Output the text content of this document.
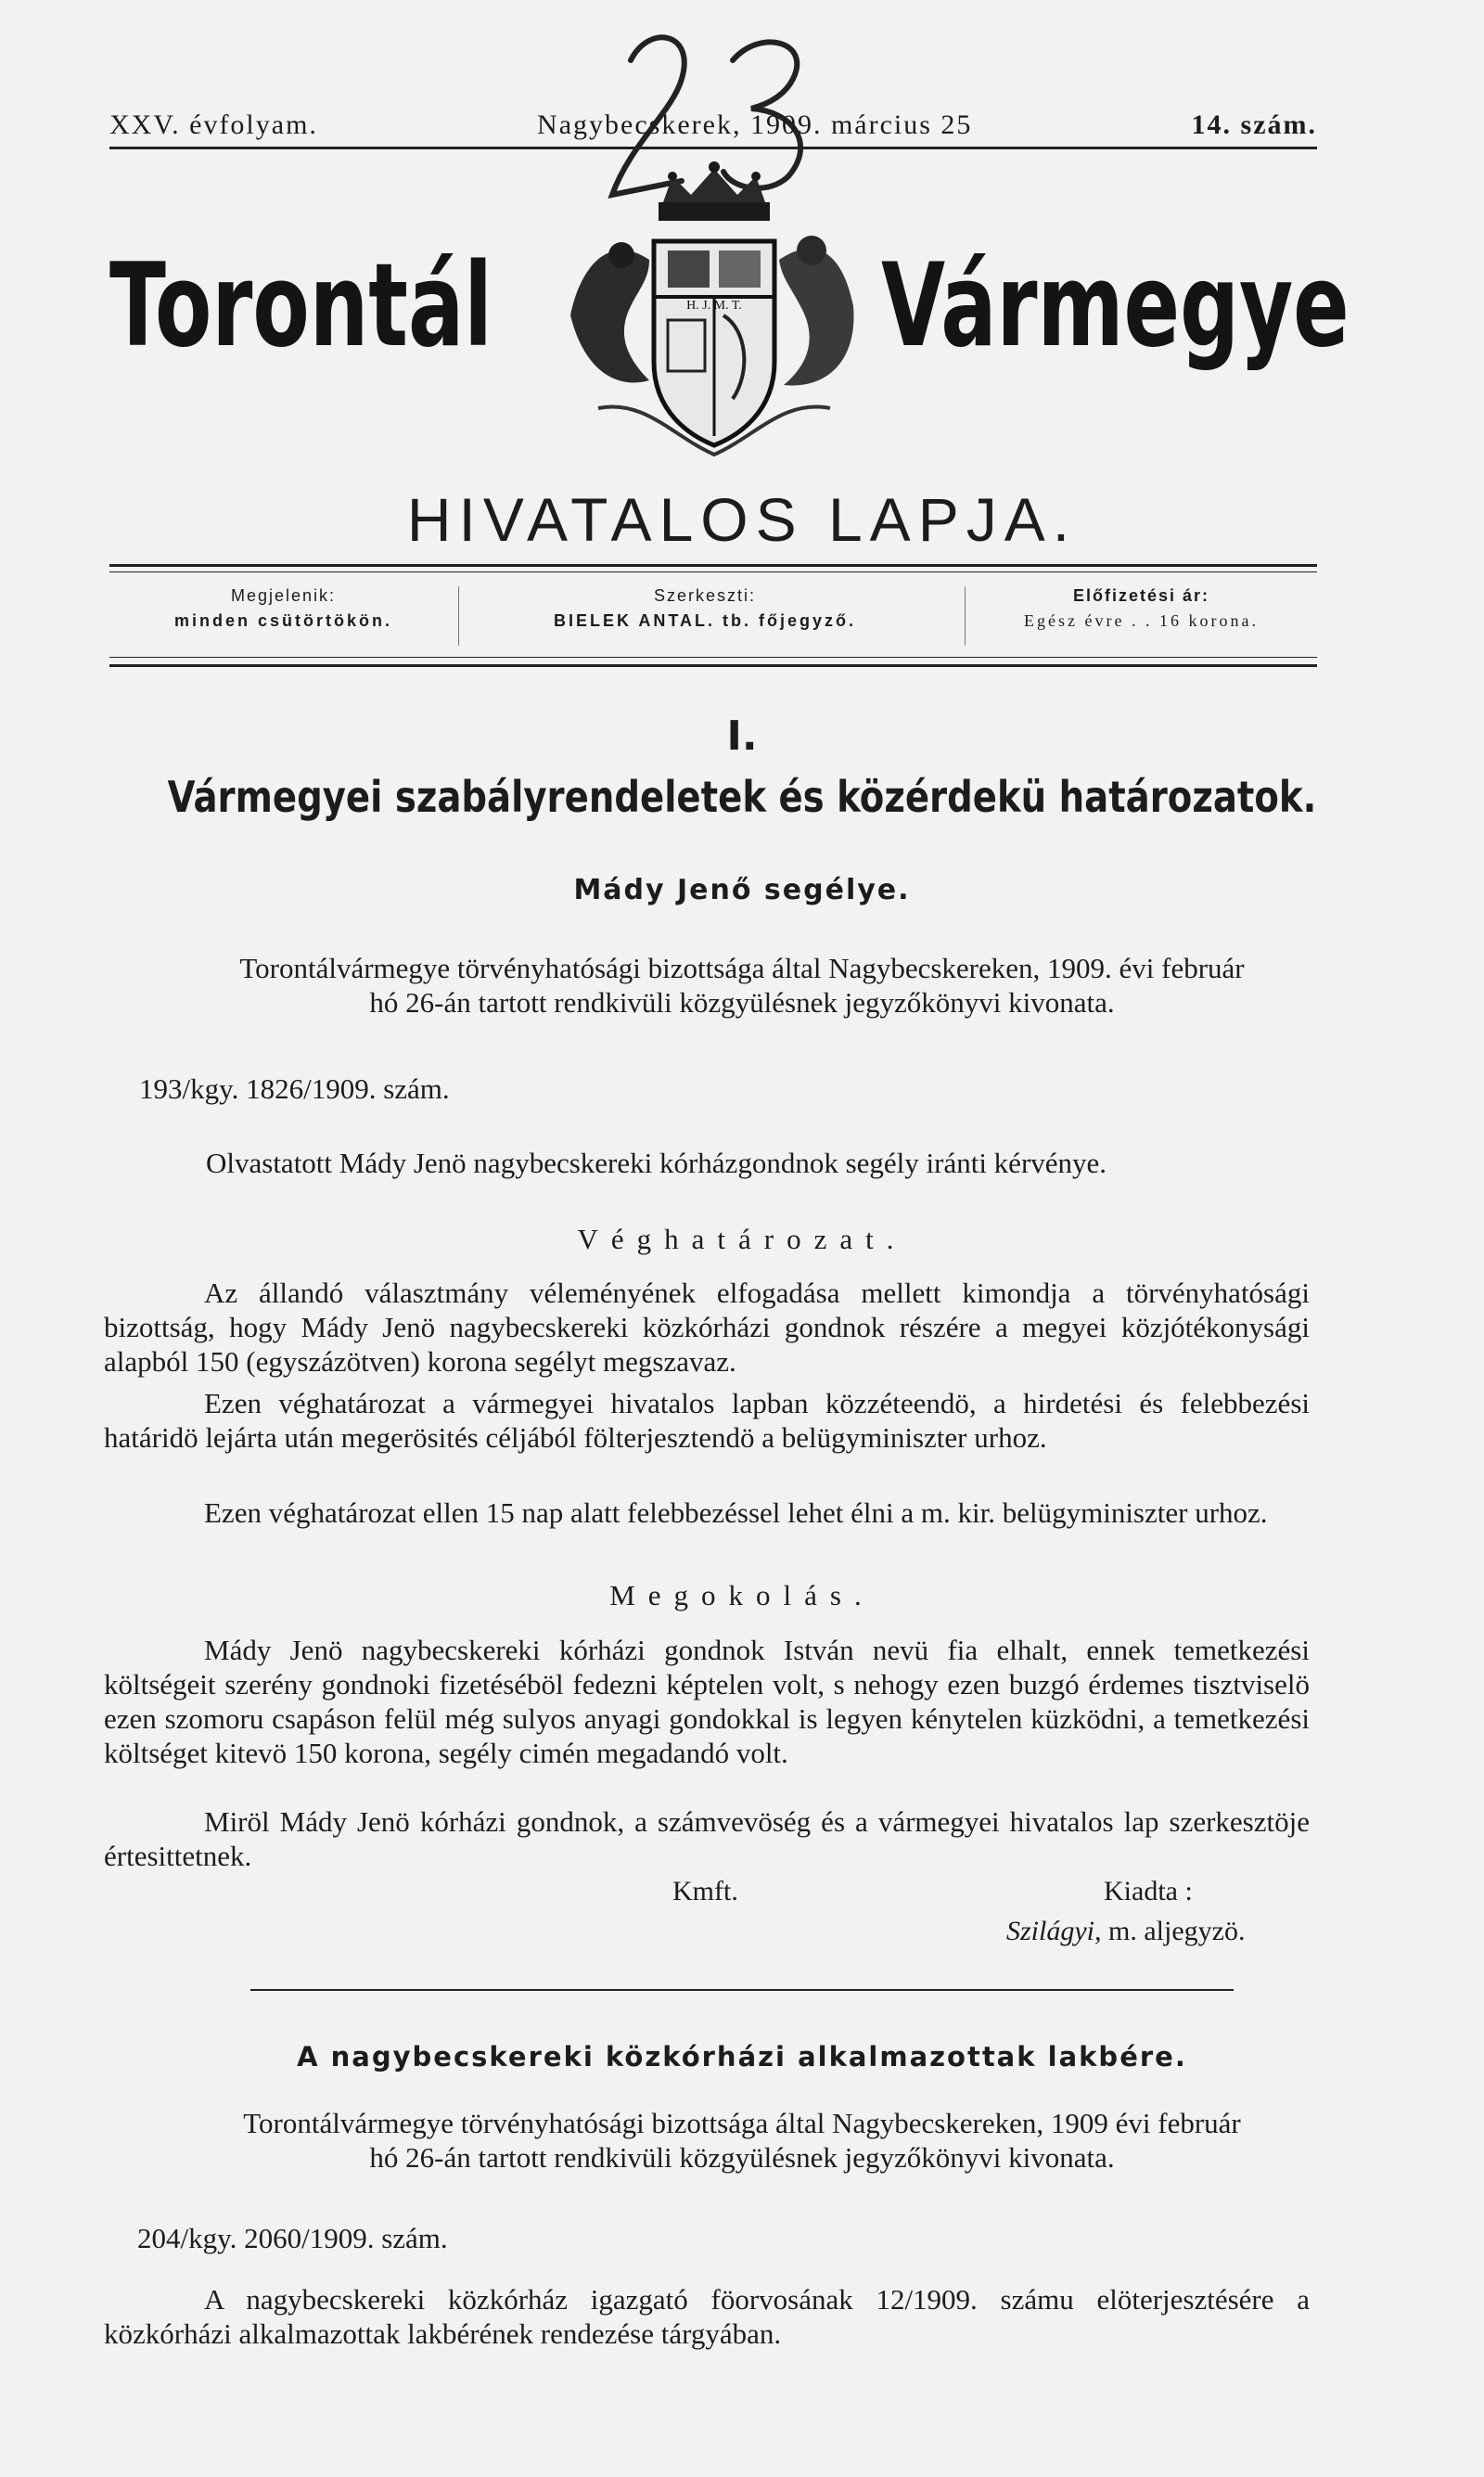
XXV. évfolyam.	Nagybecskerek, 1909. március 25	14. szám.
Torontál	Vármegye
H. J. M. T.
HIVATALOS LAPJA.
Megjelenik:
minden csütörtökön.
Szerkeszti:
BIELEK ANTAL. tb. főjegyző.
Előfizetési ár:
Egész évre . . 16 korona.
I.
Vármegyei szabályrendeletek és közérdekü határozatok.
Mády Jenő segélye.
Torontálvármegye törvényhatósági bizottsága által Nagybecskereken, 1909. évi február
hó 26-án tartott rendkivüli közgyülésnek jegyzőkönyvi kivonata.
193/kgy. 1826/1909. szám.
Olvastatott Mády Jenö nagybecskereki kórházgondnok segély iránti kérvénye.
Véghatározat.
Az állandó választmány véleményének elfogadása mellett kimondja a törvényhatósági bizottság, hogy Mády Jenö nagybecskereki közkórházi gondnok részére a megyei közjótékonysági alapból 150 (egyszázötven) korona segélyt megszavaz.
Ezen véghatározat a vármegyei hivatalos lapban közzéteendö, a hirdetési és felebbezési határidö lejárta után megerösités céljából fölterjesztendö a belügyminiszter urhoz.
Ezen véghatározat ellen 15 nap alatt felebbezéssel lehet élni a m. kir. belügyminiszter urhoz.
Megokolás.
Mády Jenö nagybecskereki kórházi gondnok István nevü fia elhalt, ennek temetkezési költségeit szerény gondnoki fizetéséböl fedezni képtelen volt, s nehogy ezen buzgó érdemes tisztviselö ezen szomoru csapáson felül még sulyos anyagi gondokkal is legyen kénytelen küzködni, a temetkezési költséget kitevö 150 korona, segély cimén megadandó volt.
Miröl Mády Jenö kórházi gondnok, a számvevöség és a vármegyei hivatalos lap szerkesztöje értesittetnek.
Kmft.	Kiadta :
Szilágyi, m. aljegyzö.
A nagybecskereki közkórházi alkalmazottak lakbére.
Torontálvármegye törvényhatósági bizottsága által Nagybecskereken, 1909 évi február
hó 26-án tartott rendkivüli közgyülésnek jegyzőkönyvi kivonata.
204/kgy. 2060/1909. szám.
A nagybecskereki közkórház igazgató föorvosának 12/1909. számu elöterjesztésére a közkórházi alkalmazottak lakbérének rendezése tárgyában.
